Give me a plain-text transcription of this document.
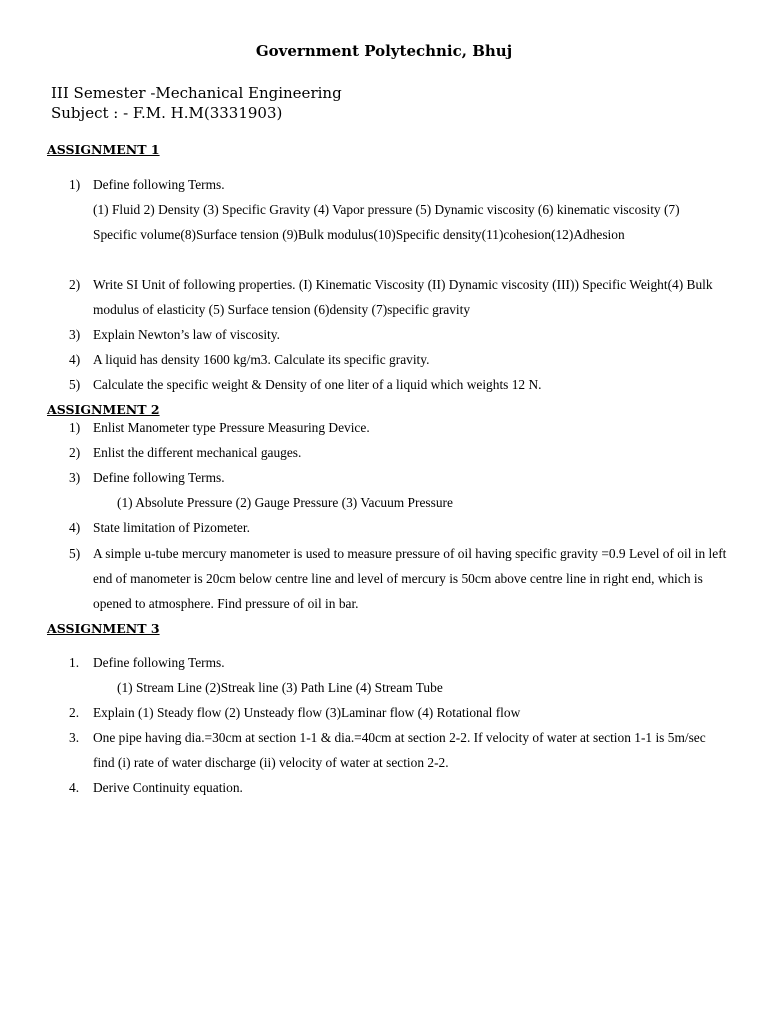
Government Polytechnic, Bhuj
III Semester -Mechanical Engineering
Subject : - F.M. H.M(3331903)
ASSIGNMENT 1
1) Define following Terms.
(1) Fluid 2) Density (3) Specific Gravity (4) Vapor pressure (5) Dynamic viscosity (6) kinematic viscosity (7) Specific volume(8)Surface tension (9)Bulk modulus(10)Specific density(11)cohesion(12)Adhesion
2) Write SI Unit of following properties. (I) Kinematic Viscosity (II) Dynamic viscosity (III)) Specific Weight(4) Bulk modulus of elasticity (5) Surface tension (6)density (7)specific gravity
3) Explain Newton’s law of viscosity.
4) A liquid has density 1600 kg/m3. Calculate its specific gravity.
5) Calculate the specific weight & Density of one liter of a liquid which weights 12 N.
ASSIGNMENT 2
1) Enlist Manometer type Pressure Measuring Device.
2) Enlist the different mechanical gauges.
3) Define following Terms.
(1) Absolute Pressure (2) Gauge Pressure (3) Vacuum Pressure
4) State limitation of Pizometer.
5) A simple u-tube mercury manometer is used to measure pressure of oil having specific gravity =0.9 Level of oil in left end of manometer is 20cm below centre line and level of mercury is 50cm above centre line in right end, which is opened to atmosphere. Find pressure of oil in bar.
ASSIGNMENT 3
1. Define following Terms.
(1) Stream Line (2)Streak line (3) Path Line (4) Stream Tube
2. Explain (1) Steady flow (2) Unsteady flow (3)Laminar flow (4) Rotational flow
3. One pipe having dia.=30cm at section 1-1 & dia.=40cm at section 2-2. If velocity of water at section 1-1 is 5m/sec find (i) rate of water discharge (ii) velocity of water at section 2-2.
4. Derive Continuity equation.
